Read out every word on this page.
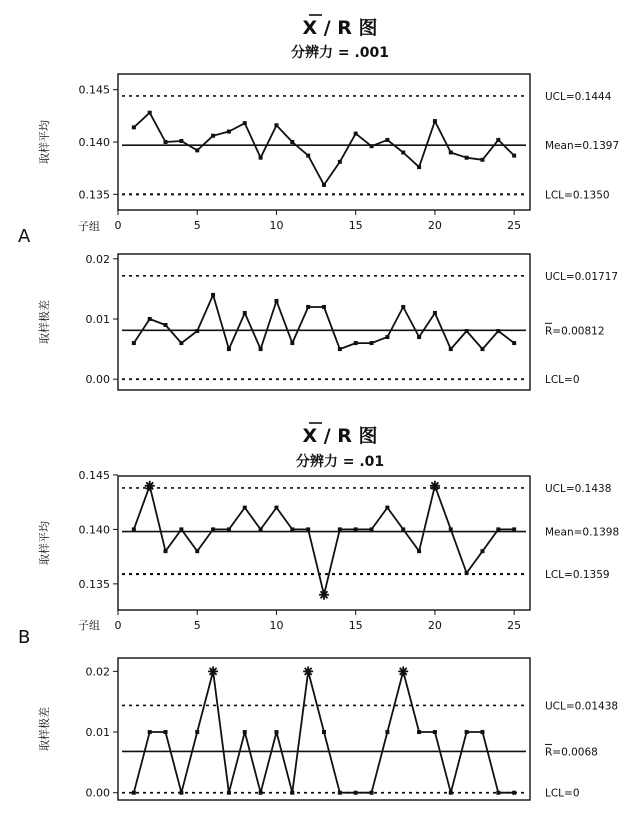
X / R 图
分辨力 = .001
X / R 图
分辨力 = .01
A
B
子组
子组
0.135
0.140
0.145
0	5	10	15	20	25
取样平均
UCL=0.1444
Mean=0.1397
LCL=0.1350
0.00
0.01
0.02
取样极差
UCL=0.01717
R=0.00812
LCL=0
0.135
0.140
0.145
0	5	10	15	20	25
取样平均
UCL=0.1438
Mean=0.1398
LCL=0.1359
0.00
0.01
0.02
取样极差
UCL=0.01438
R=0.0068
LCL=0
